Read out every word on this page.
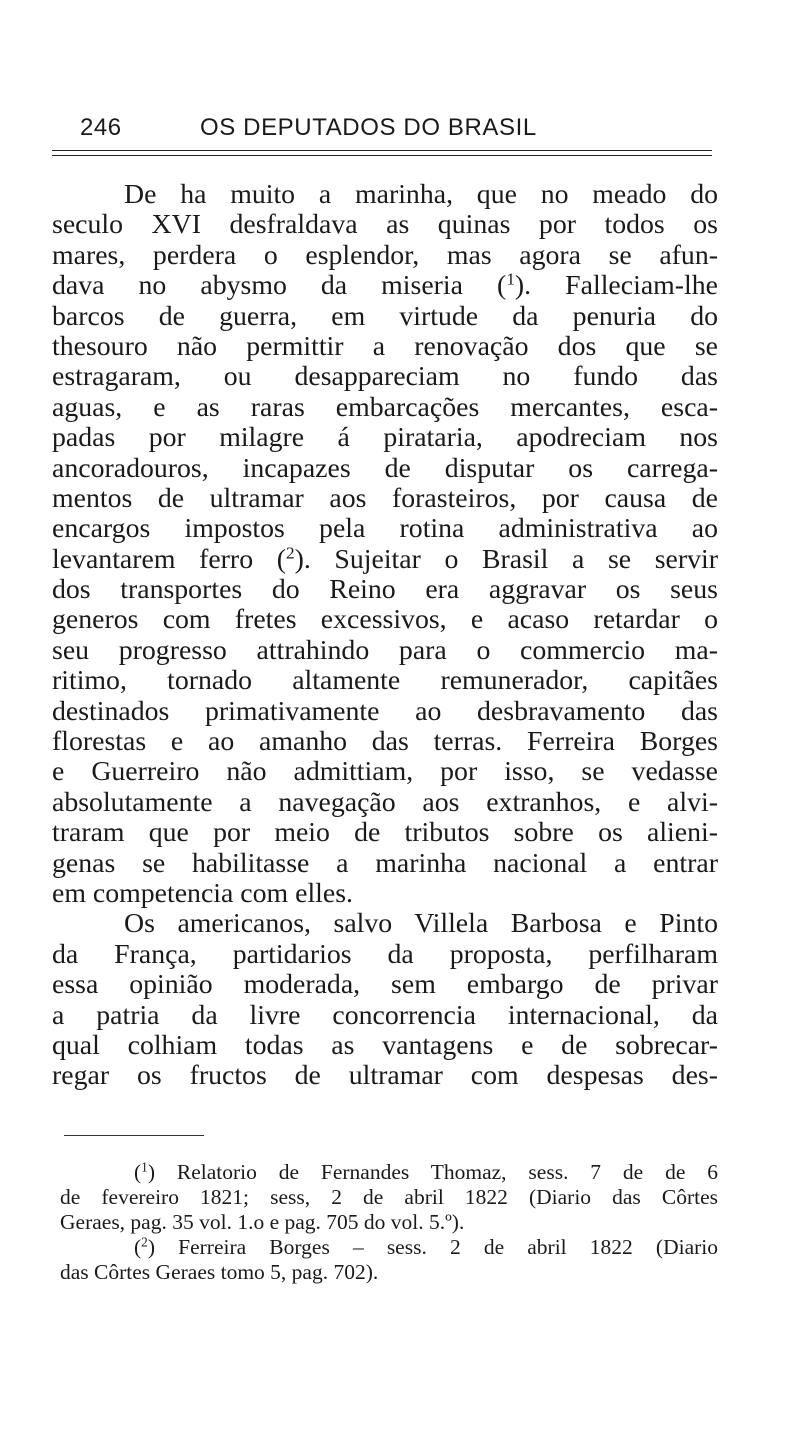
246	OS DEPUTADOS DO BRASIL
De ha muito a marinha, que no meado do
seculo XVI desfraldava as quinas por todos os
mares, perdera o esplendor, mas agora se afun-
dava no abysmo da miseria ($^1$). Falleciam-lhe
barcos de guerra, em virtude da penuria do
thesouro não permittir a renovação dos que se
estragaram, ou desappareciam no fundo das
aguas, e as raras embarcações mercantes, esca-
padas por milagre á pirataria, apodreciam nos
ancoradouros, incapazes de disputar os carrega-
mentos de ultramar aos forasteiros, por causa de
encargos impostos pela rotina administrativa ao
levantarem ferro ($^2$). Sujeitar o Brasil a se servir
dos transportes do Reino era aggravar os seus
generos com fretes excessivos, e acaso retardar o
seu progresso attrahindo para o commercio ma-
ritimo, tornado altamente remunerador, capitães
destinados primativamente ao desbravamento das
florestas e ao amanho das terras. Ferreira Borges
e Guerreiro não admittiam, por isso, se vedasse
absolutamente a navegação aos extranhos, e alvi-
traram que por meio de tributos sobre os alieni-
genas se habilitasse a marinha nacional a entrar
em competencia com elles.
Os americanos, salvo Villela Barbosa e Pinto
da França, partidarios da proposta, perfilharam
essa opinião moderada, sem embargo de privar
a patria da livre concorrencia internacional, da
qual colhiam todas as vantagens e de sobrecar-
regar os fructos de ultramar com despesas des-
($^1$) Relatorio de Fernandes Thomaz, sess. 7 de de 6
de fevereiro 1821; sess, 2 de abril 1822 (Diario das Côrtes
Geraes, pag. 35 vol. 1.o e pag. 705 do vol. 5.º).
($^2$) Ferreira Borges – sess. 2 de abril 1822 (Diario
das Côrtes Geraes tomo 5, pag. 702).
